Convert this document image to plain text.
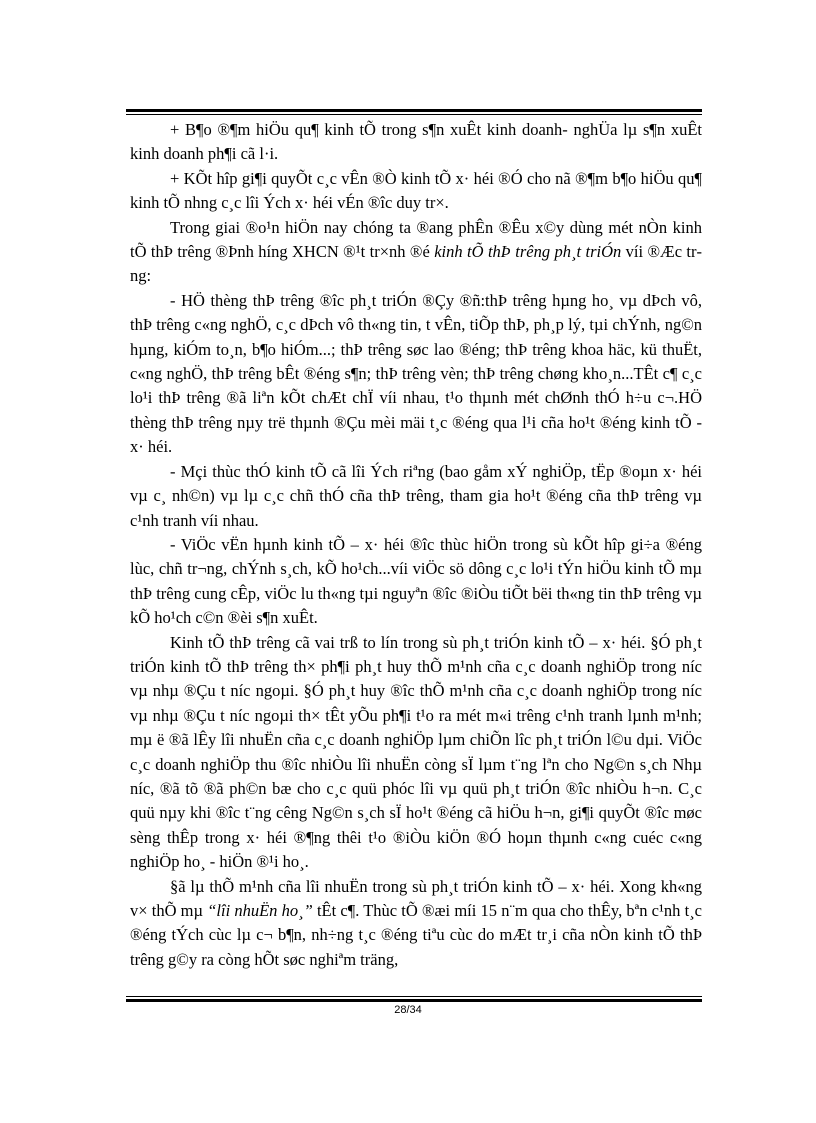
+ B¶o ®¶m hiÖu qu¶ kinh tÕ trong s¶n xuÊt kinh doanh- nghÜa lµ s¶n xuÊt kinh doanh ph¶i cã l·i.

+ KÕt hîp gi¶i quyÕt c¸c vÊn ®Ò kinh tÕ x· héi ®Ó cho nã ®¶m b¶o hiÖu qu¶ kinh tÕ nhng c¸c lîi Ých x· héi vÉn ®îc duy tr×.

Trong giai ®o¹n hiÖn nay chóng ta ®ang phÊn ®Êu x©y dùng mét nÒn kinh tÕ thÞ trêng ®Þnh híng XHCN ®¹t tr×nh ®é kinh tÕ thÞ trêng ph¸t triÓn víi ®Æc trng:

- HÖ thèng thÞ trêng ®îc ph¸t triÓn ®Çy ®ñ:thÞ trêng hµng ho¸ vµ dÞch vô, thÞ trêng c«ng nghÖ, c¸c dÞch vô th«ng tin, t vÊn, tiÕp thÞ, ph¸p lý, tµi chÝnh, ng©n hµng, kiÓm to¸n, b¶o hiÓm...; thÞ trêng søc lao ®éng; thÞ trêng khoa häc, kü thuËt, c«ng nghÖ, thÞ trêng bÊt ®éng s¶n; thÞ trêng vèn; thÞ trêng chøng kho¸n...TÊt c¶ c¸c lo¹i thÞ trêng ®ã liªn kÕt chÆt chÏ víi nhau, t¹o thµnh mét chØnh thÓ h÷u c¬.HÖ thèng thÞ trêng nµy trë thµnh ®Çu mèi mäi t¸c ®éng qua l¹i cña ho¹t ®éng kinh tÕ - x· héi.

- Mçi thùc thÓ kinh tÕ cã lîi Ých riªng (bao gåm xÝ nghiÖp, tËp ®oµn x· héi vµ c¸ nh©n) vµ lµ c¸c chñ thÓ cña thÞ trêng, tham gia ho¹t ®éng cña thÞ trêng vµ c¹nh tranh víi nhau.

- ViÖc vËn hµnh kinh tÕ – x· héi ®îc thùc hiÖn trong sù kÕt hîp gi÷a ®éng lùc, chñ tr¬ng, chÝnh s¸ch, kÕ ho¹ch...víi viÖc sö dông c¸c lo¹i tÝn hiÖu kinh tÕ mµ thÞ trêng cung cÊp, viÖc lu th«ng tµi nguyªn ®îc ®iÒu tiÕt bëi th«ng tin thÞ trêng vµ kÕ ho¹ch c©n ®èi s¶n xuÊt.

Kinh tÕ thÞ trêng cã vai trß to lín trong sù ph¸t triÓn kinh tÕ – x· héi. §Ó ph¸t triÓn kinh tÕ thÞ trêng th× ph¶i ph¸t huy thÕ m¹nh cña c¸c doanh nghiÖp trong níc vµ nhµ ®Çu t níc ngoµi. §Ó ph¸t huy ®îc thÕ m¹nh cña c¸c doanh nghiÖp trong níc vµ nhµ ®Çu t níc ngoµi th× tÊt yÕu ph¶i t¹o ra mét m«i trêng c¹nh tranh lµnh m¹nh; mµ ë ®ã lÊy lîi nhuËn cña c¸c doanh nghiÖp lµm chiÕn lîc ph¸t triÓn l©u dµi. ViÖc c¸c doanh nghiÖp thu ®îc nhiÒu lîi nhuËn còng sÏ lµm t¨ng lªn cho Ng©n s¸ch Nhµ níc, ®ã tõ ®ã ph©n bæ cho c¸c quü phóc lîi vµ quü ph¸t triÓn ®îc nhiÒu h¬n. C¸c quü nµy khi ®îc t¨ng cêng Ng©n s¸ch sÏ ho¹t ®éng cã hiÖu h¬n, gi¶i quyÕt ®îc møc sèng thÊp trong x· héi ®¶ng thêi t¹o ®iÒu kiÖn ®Ó hoµn thµnh c«ng cuéc c«ng nghiÖp ho¸ - hiÖn ®¹i ho¸.

§ã lµ thÕ m¹nh cña lîi nhuËn trong sù ph¸t triÓn kinh tÕ – x· héi. Xong kh«ng v× thÕ mµ “lîi nhuËn ho¸” tÊt c¶. Thùc tÕ ®æi míi 15 n¨m qua cho thÊy, bªn c¹nh t¸c ®éng tÝch cùc lµ c¬ b¶n, nh÷ng t¸c ®éng tiªu cùc do mÆt tr¸i cña nÒn kinh tÕ thÞ trêng g©y ra còng hÕt søc nghiªm träng,

28/34
